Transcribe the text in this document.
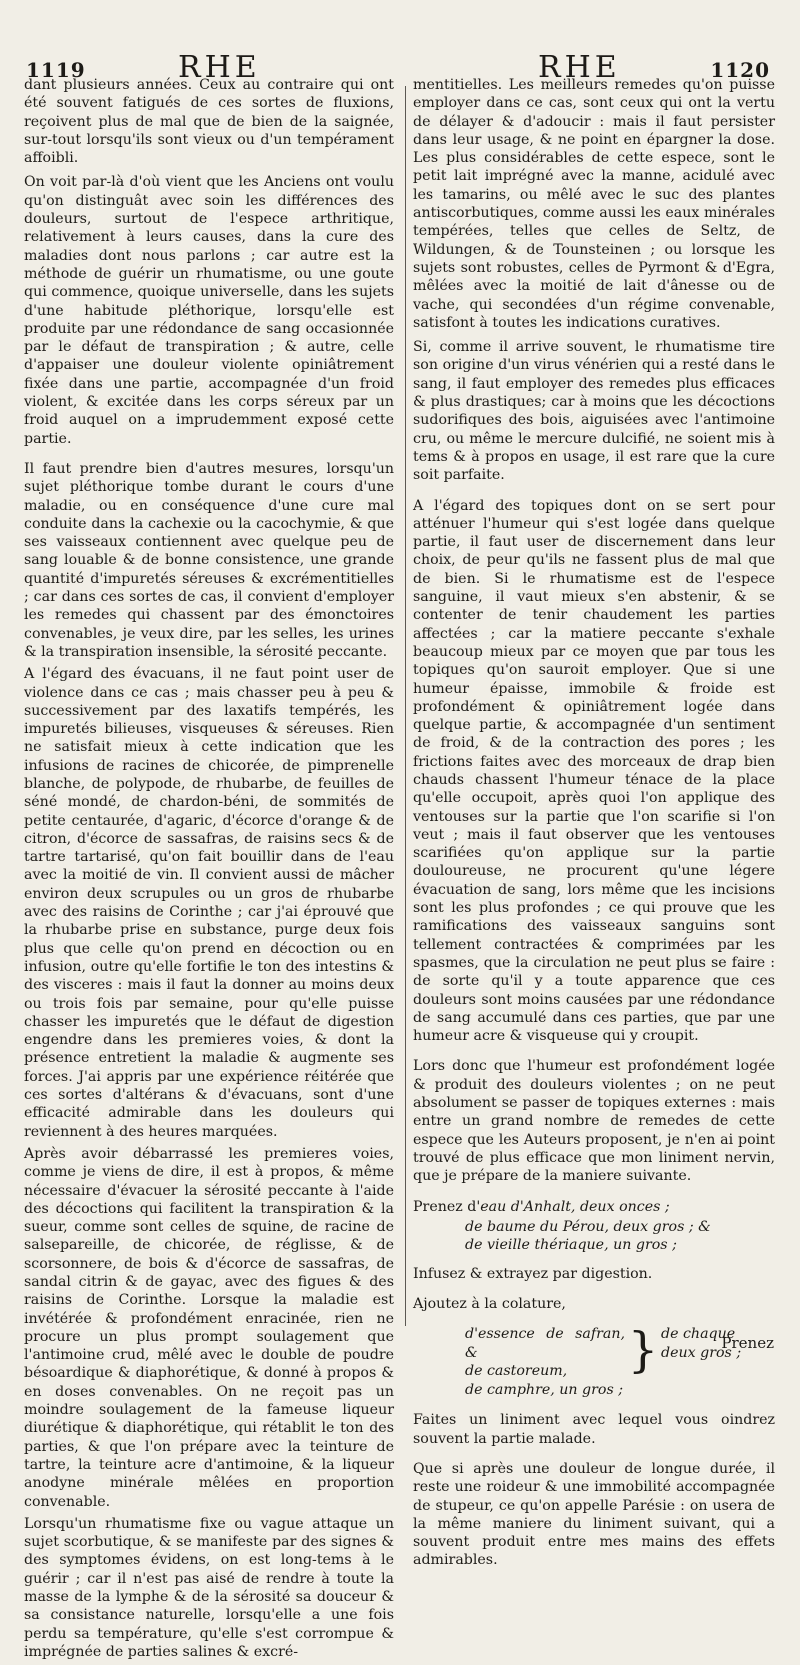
1119	RHE	RHE	1120

dant plusieurs années. Ceux au contraire qui ont été souvent fatigués de ces sortes de fluxions, reçoivent plus de mal que de bien de la saignée, sur-tout lorsqu'ils sont vieux ou d'un tempérament affoibli.

On voit par-là d'où vient que les Anciens ont voulu qu'on distinguât avec soin les différences des douleurs, surtout de l'espece arthritique, relativement à leurs causes, dans la cure des maladies dont nous parlons ; car autre est la méthode de guérir un rhumatisme, ou une goute qui commence, quoique universelle, dans les sujets d'une habitude pléthorique, lorsqu'elle est produite par une rédondance de sang occasionnée par le défaut de transpiration ; & autre, celle d'appaiser une douleur violente opiniâtrement fixée dans une partie, accompagnée d'un froid violent, & excitée dans les corps séreux par un froid auquel on a imprudemment exposé cette partie.

Il faut prendre bien d'autres mesures, lorsqu'un sujet pléthorique tombe durant le cours d'une maladie, ou en conséquence d'une cure mal conduite dans la cachexie ou la cacochymie, & que ses vaisseaux contiennent avec quelque peu de sang louable & de bonne consistence, une grande quantité d'impuretés séreuses & excrémentitielles ; car dans ces sortes de cas, il convient d'employer les remedes qui chassent par des émonctoires convenables, je veux dire, par les selles, les urines & la transpiration insensible, la sérosité peccante.

A l'égard des évacuans, il ne faut point user de violence dans ce cas ; mais chasser peu à peu & successivement par des laxatifs tempérés, les impuretés bilieuses, visqueuses & séreuses. Rien ne satisfait mieux à cette indication que les infusions de racines de chicorée, de pimprenelle blanche, de polypode, de rhubarbe, de feuilles de séné mondé, de chardon-béni, de sommités de petite centaurée, d'agaric, d'écorce d'orange & de citron, d'écorce de sassafras, de raisins secs & de tartre tartarisé, qu'on fait bouillir dans de l'eau avec la moitié de vin. Il convient aussi de mâcher environ deux scrupules ou un gros de rhubarbe avec des raisins de Corinthe ; car j'ai éprouvé que la rhubarbe prise en substance, purge deux fois plus que celle qu'on prend en décoction ou en infusion, outre qu'elle fortifie le ton des intestins & des visceres : mais il faut la donner au moins deux ou trois fois par semaine, pour qu'elle puisse chasser les impuretés que le défaut de digestion engendre dans les premieres voies, & dont la présence entretient la maladie & augmente ses forces. J'ai appris par une expérience réitérée que ces sortes d'altérans & d'évacuans, sont d'une efficacité admirable dans les douleurs qui reviennent à des heures marquées.

Après avoir débarrassé les premieres voies, comme je viens de dire, il est à propos, & même nécessaire d'évacuer la sérosité peccante à l'aide des décoctions qui facilitent la transpiration & la sueur, comme sont celles de squine, de racine de salsepareille, de chicorée, de réglisse, & de scorsonnere, de bois & d'écorce de sassafras, de sandal citrin & de gayac, avec des figues & des raisins de Corinthe. Lorsque la maladie est invétérée & profondément enracinée, rien ne procure un plus prompt soulagement que l'antimoine crud, mêlé avec le double de poudre bésoardique & diaphorétique, & donné à propos & en doses convenables. On ne reçoit pas un moindre soulagement de la fameuse liqueur diurétique & diaphorétique, qui rétablit le ton des parties, & que l'on prépare avec la teinture de tartre, la teinture acre d'antimoine, & la liqueur anodyne minérale mêlées en proportion convenable.

Lorsqu'un rhumatisme fixe ou vague attaque un sujet scorbutique, & se manifeste par des signes & des symptomes évidens, on est long-tems à le guérir ; car il n'est pas aisé de rendre à toute la masse de la lymphe & de la sérosité sa douceur & sa consistance naturelle, lorsqu'elle a une fois perdu sa température, qu'elle s'est corrompue & imprégnée de parties salines & excré-

mentitielles. Les meilleurs remedes qu'on puisse employer dans ce cas, sont ceux qui ont la vertu de délayer & d'adoucir : mais il faut persister dans leur usage, & ne point en épargner la dose. Les plus considérables de cette espece, sont le petit lait imprégné avec la manne, acidulé avec les tamarins, ou mêlé avec le suc des plantes antiscorbutiques, comme aussi les eaux minérales tempérées, telles que celles de Seltz, de Wildungen, & de Tounsteinen ; ou lorsque les sujets sont robustes, celles de Pyrmont & d'Egra, mêlées avec la moitié de lait d'ânesse ou de vache, qui secondées d'un régime convenable, satisfont à toutes les indications curatives.

Si, comme il arrive souvent, le rhumatisme tire son origine d'un virus vénérien qui a resté dans le sang, il faut employer des remedes plus efficaces & plus drastiques; car à moins que les décoctions sudorifiques des bois, aiguisées avec l'antimoine cru, ou même le mercure dulcifié, ne soient mis à tems & à propos en usage, il est rare que la cure soit parfaite.

A l'égard des topiques dont on se sert pour atténuer l'humeur qui s'est logée dans quelque partie, il faut user de discernement dans leur choix, de peur qu'ils ne fassent plus de mal que de bien. Si le rhumatisme est de l'espece sanguine, il vaut mieux s'en abstenir, & se contenter de tenir chaudement les parties affectées ; car la matiere peccante s'exhale beaucoup mieux par ce moyen que par tous les topiques qu'on sauroit employer. Que si une humeur épaisse, immobile & froide est profondément & opiniâtrement logée dans quelque partie, & accompagnée d'un sentiment de froid, & de la contraction des pores ; les frictions faites avec des morceaux de drap bien chauds chassent l'humeur ténace de la place qu'elle occupoit, après quoi l'on applique des ventouses sur la partie que l'on scarifie si l'on veut ; mais il faut observer que les ventouses scarifiées qu'on applique sur la partie douloureuse, ne procurent qu'une légere évacuation de sang, lors même que les incisions sont les plus profondes ; ce qui prouve que les ramifications des vaisseaux sanguins sont tellement contractées & comprimées par les spasmes, que la circulation ne peut plus se faire : de sorte qu'il y a toute apparence que ces douleurs sont moins causées par une rédondance de sang accumulé dans ces parties, que par une humeur acre & visqueuse qui y croupit.

Lors donc que l'humeur est profondément logée & produit des douleurs violentes ; on ne peut absolument se passer de topiques externes : mais entre un grand nombre de remedes de cette espece que les Auteurs proposent, je n'en ai point trouvé de plus efficace que mon liniment nervin, que je prépare de la maniere suivante.

Prenez d'eau d'Anhalt, deux onces ;
de baume du Pérou, deux gros ; &
de vieille thériaque, un gros ;

Infusez & extrayez par digestion.

Ajoutez à la colature,

d'essence de safran, &
de castoreum,
de camphre, un gros ;
} de chaque deux gros ;

Faites un liniment avec lequel vous oindrez souvent la partie malade.

Que si après une douleur de longue durée, il reste une roideur & une immobilité accompagnée de stupeur, ce qu'on appelle Parésie : on usera de la même maniere du liniment suivant, qui a souvent produit entre mes mains des effets admirables.

Prenez
